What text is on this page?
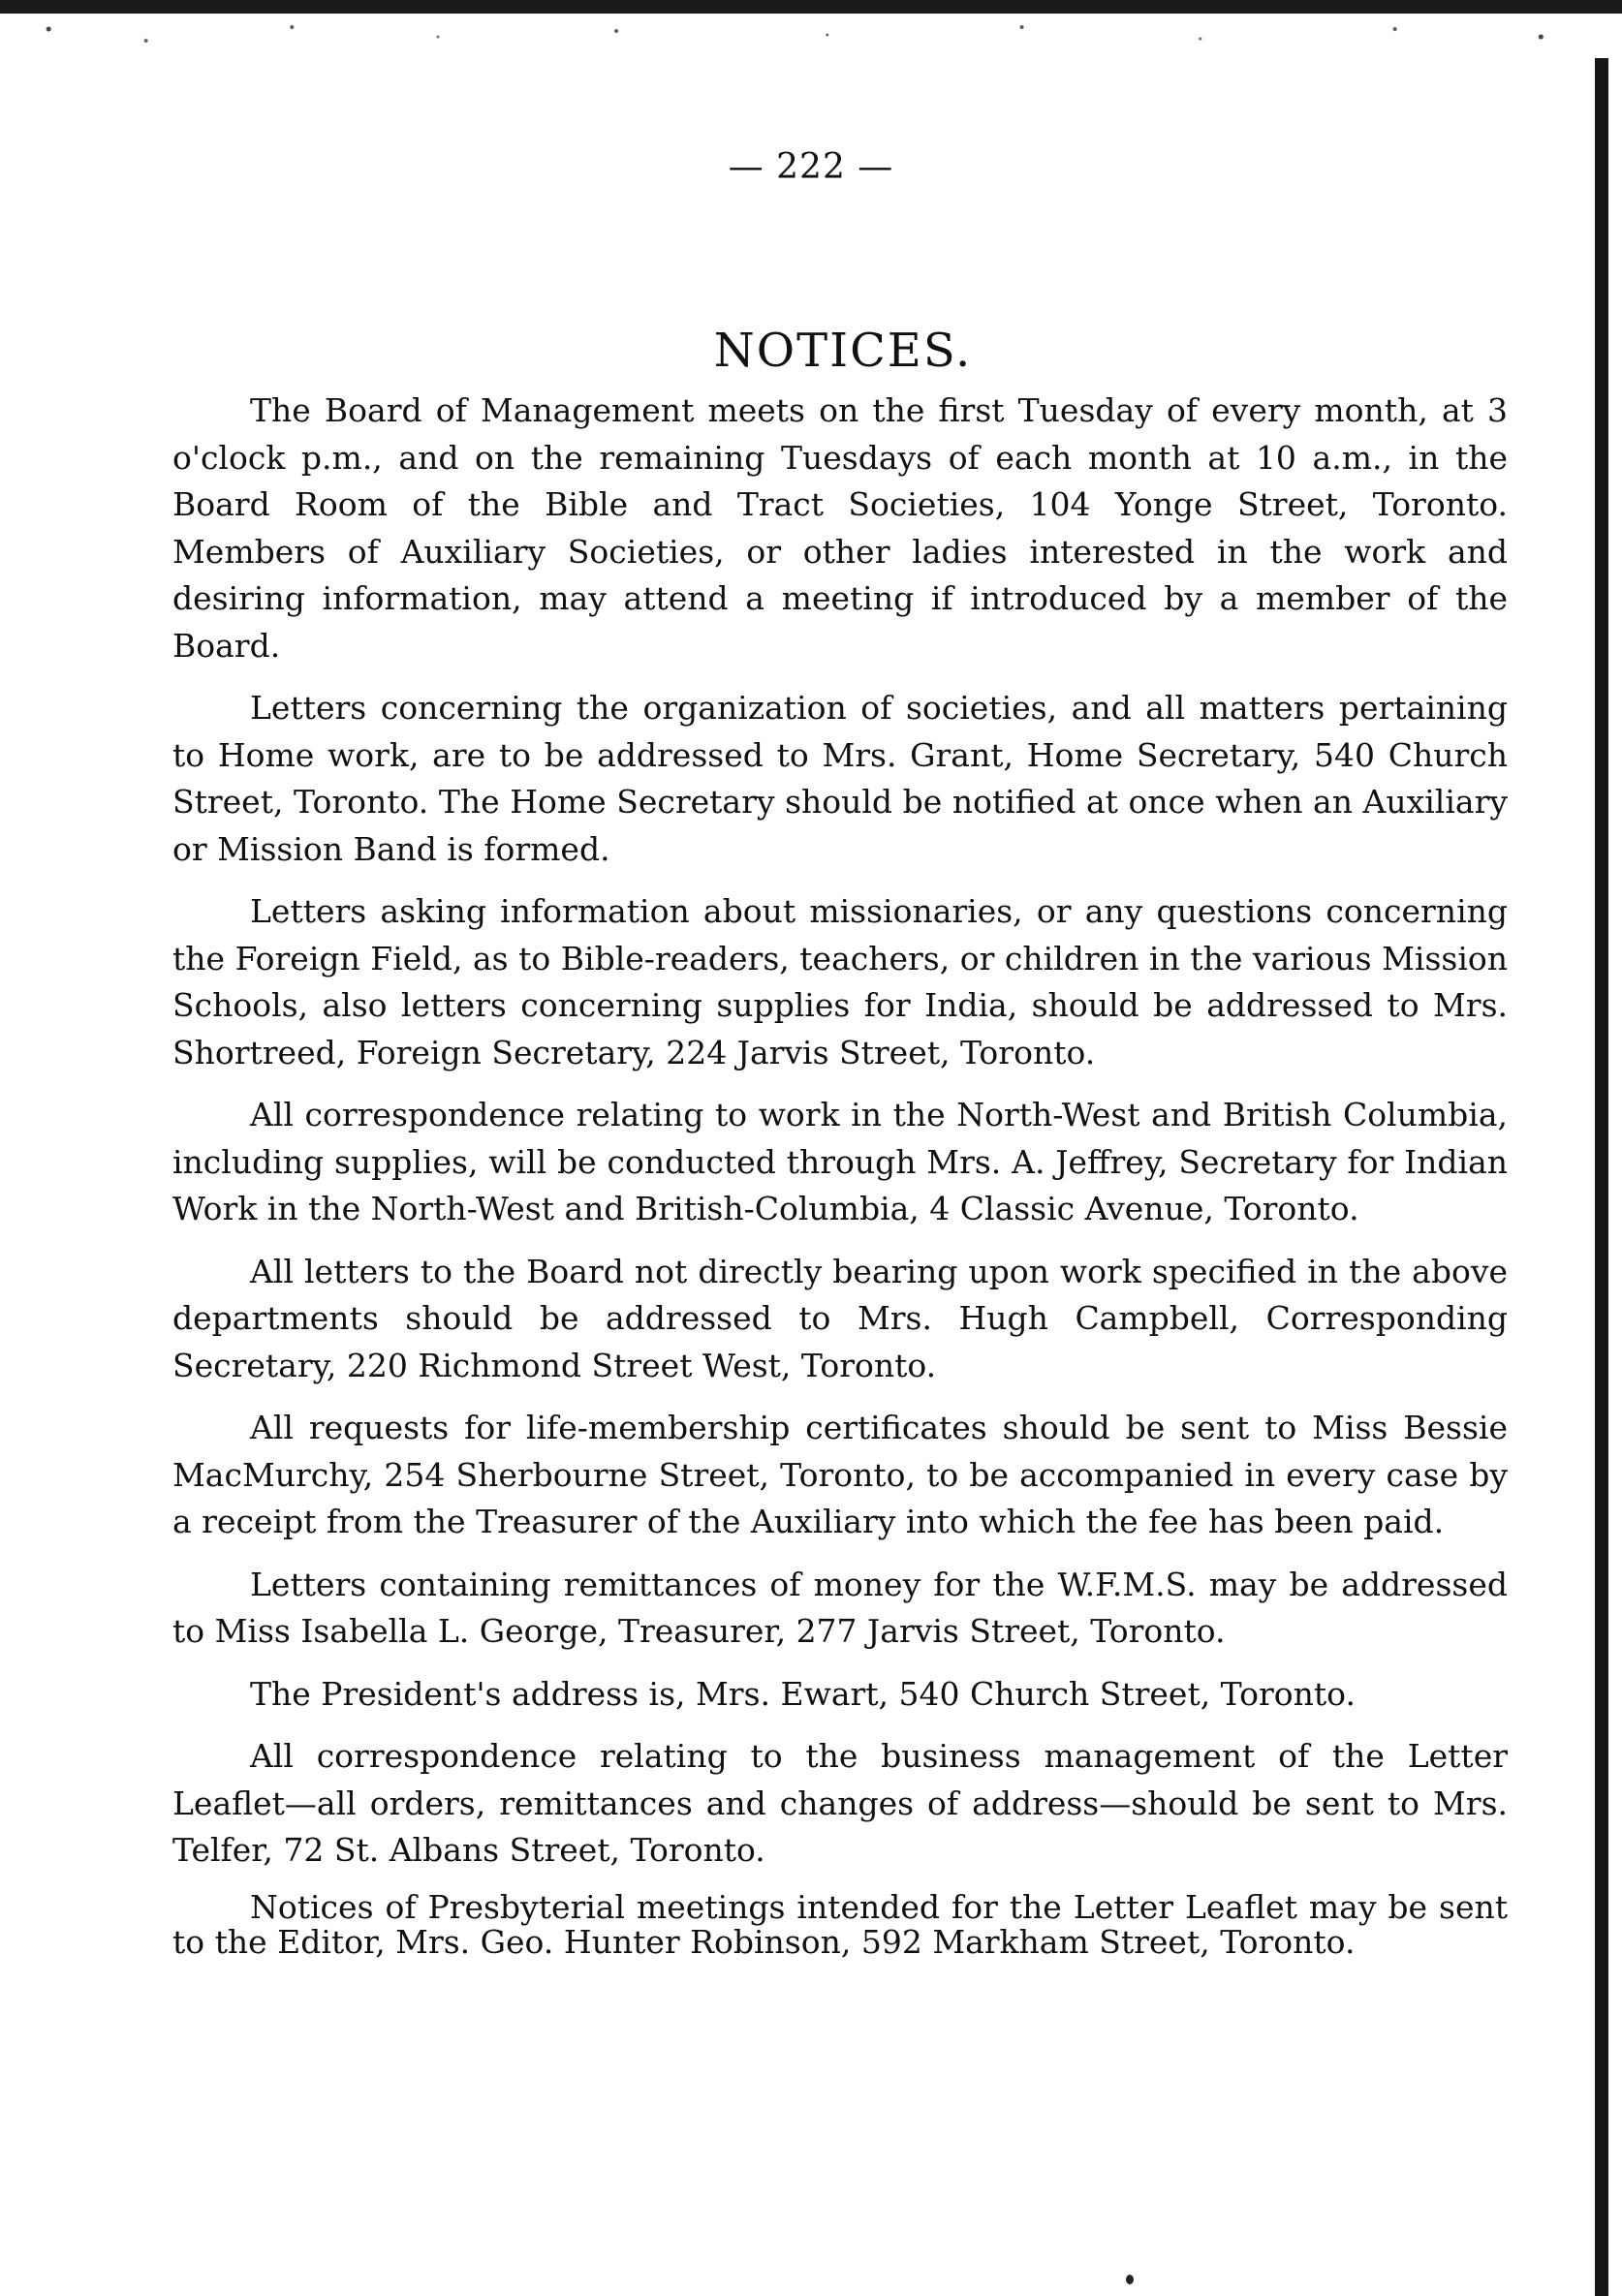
— 222 —
NOTICES.

The Board of Management meets on the first Tuesday of every month, at 3 o'clock p.m., and on the remaining Tuesdays of each month at 10 a.m., in the Board Room of the Bible and Tract Societies, 104 Yonge Street, Toronto. Members of Auxiliary Societies, or other ladies interested in the work and desiring information, may attend a meeting if introduced by a member of the Board.

Letters concerning the organization of societies, and all matters pertaining to Home work, are to be addressed to Mrs. Grant, Home Secretary, 540 Church Street, Toronto. The Home Secretary should be notified at once when an Auxiliary or Mission Band is formed.

Letters asking information about missionaries, or any questions concerning the Foreign Field, as to Bible-readers, teachers, or children in the various Mission Schools, also letters concerning supplies for India, should be addressed to Mrs. Shortreed, Foreign Secretary, 224 Jarvis Street, Toronto.

All correspondence relating to work in the North-West and British Columbia, including supplies, will be conducted through Mrs. A. Jeffrey, Secretary for Indian Work in the North-West and British-Columbia, 4 Classic Avenue, Toronto.

All letters to the Board not directly bearing upon work specified in the above departments should be addressed to Mrs. Hugh Campbell, Corresponding Secretary, 220 Richmond Street West, Toronto.

All requests for life-membership certificates should be sent to Miss Bessie MacMurchy, 254 Sherbourne Street, Toronto, to be accompanied in every case by a receipt from the Treasurer of the Auxiliary into which the fee has been paid.

Letters containing remittances of money for the W.F.M.S. may be addressed to Miss Isabella L. George, Treasurer, 277 Jarvis Street, Toronto.

The President's address is, Mrs. Ewart, 540 Church Street, Toronto.

All correspondence relating to the business management of the Letter Leaflet—all orders, remittances and changes of address—should be sent to Mrs. Telfer, 72 St. Albans Street, Toronto.

Notices of Presbyterial meetings intended for the Letter Leaflet may be sent to the Editor, Mrs. Geo. Hunter Robinson, 592 Markham Street, Toronto.
